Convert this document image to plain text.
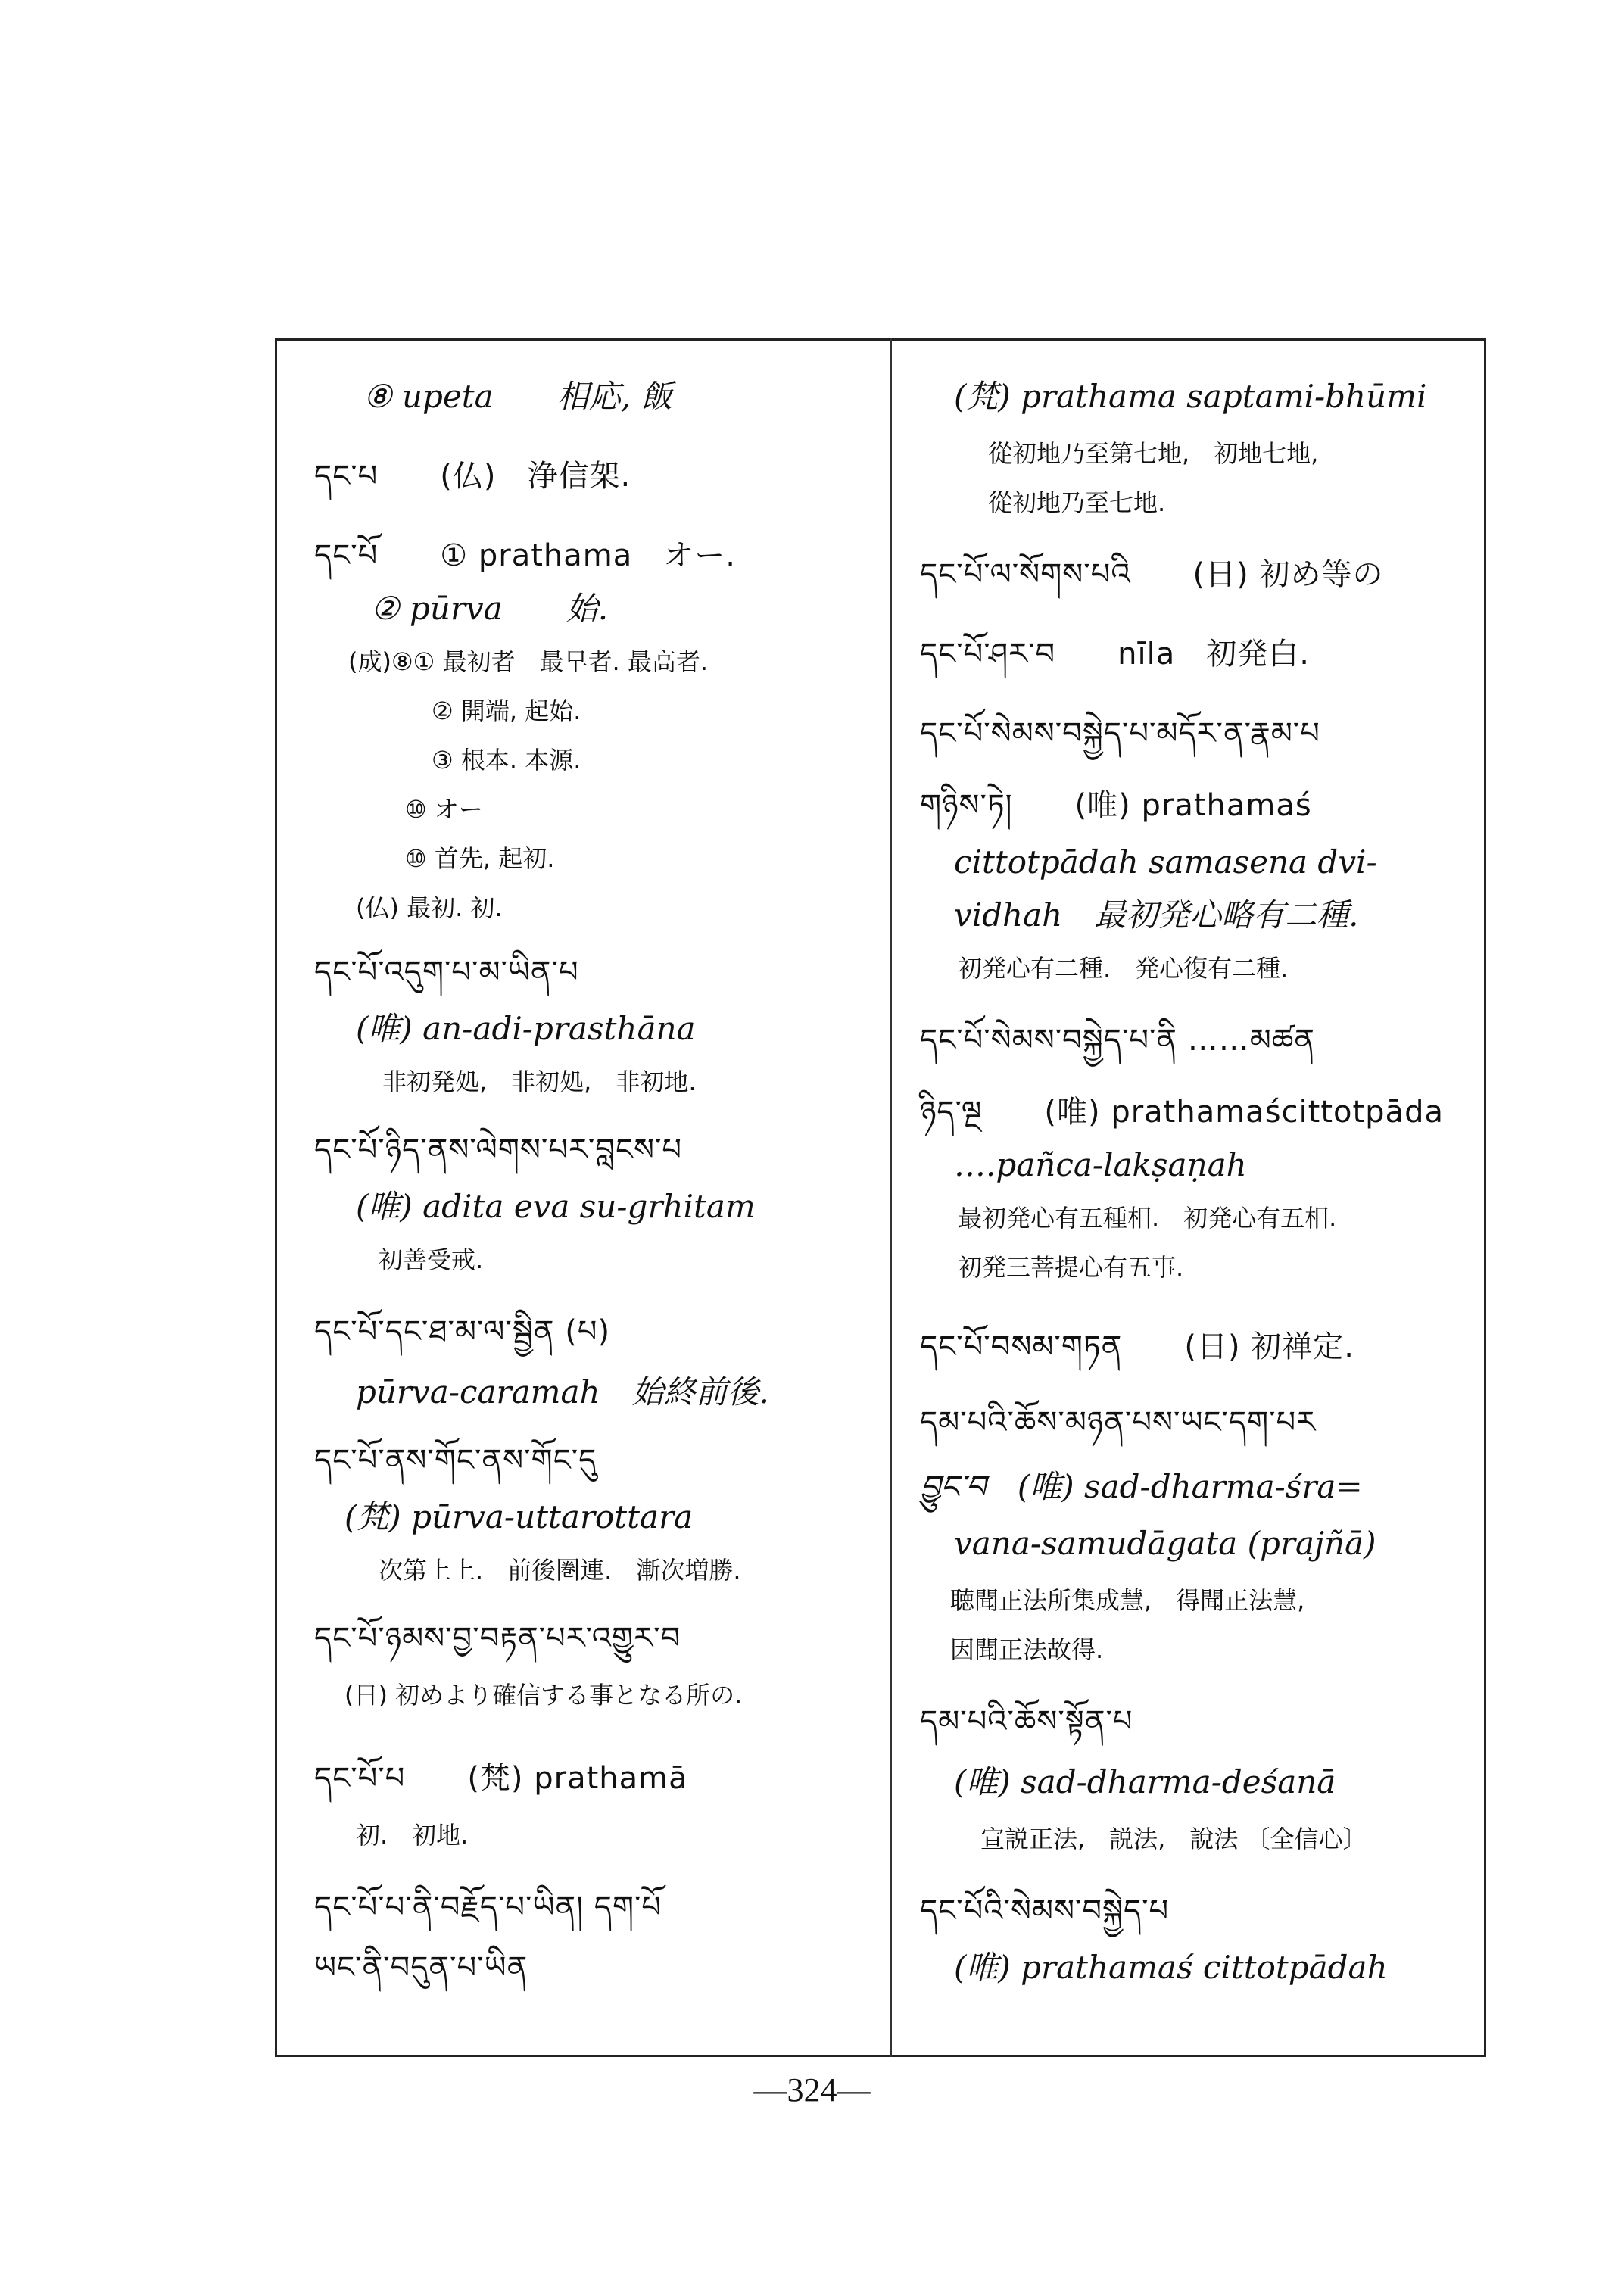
⑧ upeta　　相応, 飯
དང་པ　　(仏)　浄信架.
དང་པོ　　① prathama　オー.
② pūrva　　始.
(成)⑧① 最初者　最早者. 最高者.
② 開端, 起始.
③ 根本. 本源.
⑩ オー
⑩ 首先, 起初.
(仏) 最初. 初.
དང་པོ་འདུག་པ་མ་ཡིན་པ
(唯) an-adi-prasthāna
非初発処,　非初処,　非初地.
དང་པོ་ཉིད་ནས་ལེགས་པར་བླངས་པ
(唯) adita eva su-grhitam
初善受戒.
དང་པོ་དང་ཐ་མ་ལ་སྦྱིན (པ)
pūrva-caramah　始終前後.
དང་པོ་ནས་གོང་ནས་གོང་དུ
(梵) pūrva-uttarottara
次第上上.　前後圏連.　漸次増勝.
དང་པོ་ཉམས་བྱ་བརྟན་པར་འགྱུར་བ
(日) 初めより確信する事となる所の.
དང་པོ་པ　　(梵) prathamā
初.　初地.
དང་པོ་པ་ནི་བརྗོད་པ་ཡིན། དག་པོ
ཡང་ནི་བདུན་པ་ཡིན
(梵) prathama saptami-bhūmi
從初地乃至第七地,　初地七地,
從初地乃至七地.
དང་པོ་ལ་སོགས་པའི　　(日) 初め等の
དང་པོ་ཤར་བ　　nīla　初発白.
དང་པོ་སེམས་བསྐྱེད་པ་མདོར་ན་རྣམ་པ
གཉིས་ཏེ།　　(唯) prathamaś
cittotpādah samasena dvi-
vidhah　最初発心略有二種.
初発心有二種.　発心復有二種.
དང་པོ་སེམས་བསྐྱེད་པ་ནི ……མཚན
ཉིད་ལྔ　　(唯) prathamaścittotpāda
….pañca-lakṣaṇah
最初発心有五種相.　初発心有五相.
初発三菩提心有五事.
དང་པོ་བསམ་གཏན　　(日) 初禅定.
དམ་པའི་ཆོས་མཉན་པས་ཡང་དག་པར
བྱུང་བ　(唯) sad-dharma-śra=
vana-samudāgata (prajñā)
聴聞正法所集成慧,　得聞正法慧,
因聞正法故得.
དམ་པའི་ཆོས་སྟོན་པ
(唯) sad-dharma-deśanā
宣説正法,　説法,　說法 〔全信心〕
དང་པོའི་སེམས་བསྐྱེད་པ
(唯) prathamaś cittotpādah
—324—
